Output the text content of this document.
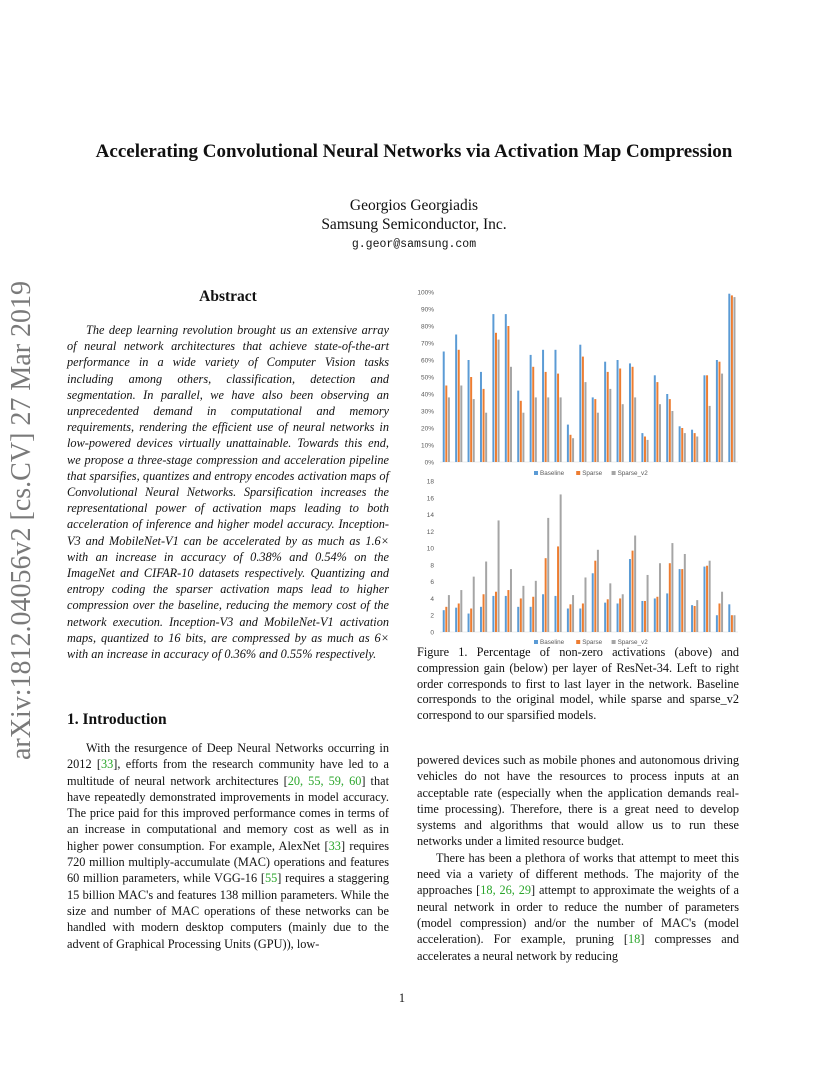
Accelerating Convolutional Neural Networks via Activation Map Compression
Georgios Georgiadis
Samsung Semiconductor, Inc.
g.geor@samsung.com
arXiv:1812.04056v2 [cs.CV] 27 Mar 2019	Abstract

The deep learning revolution brought us an extensive array of neural network architectures that achieve state-of-the-art performance in a wide variety of Computer Vision tasks including among others, classification, detection and segmentation. In parallel, we have also been observing an unprecedented demand in computational and memory requirements, rendering the efficient use of neural networks in low-powered devices virtually unattainable. Towards this end, we propose a three-stage compression and acceleration pipeline that sparsifies, quantizes and entropy encodes activation maps of Convolutional Neural Networks. Sparsification increases the representational power of activation maps leading to both acceleration of inference and higher model accuracy. Inception-V3 and MobileNet-V1 can be accelerated by as much as 1.6× with an increase in accuracy of 0.38% and 0.54% on the ImageNet and CIFAR-10 datasets respectively. Quantizing and entropy coding the sparser activation maps lead to higher compression over the baseline, reducing the memory cost of the network execution. Inception-V3 and MobileNet-V1 activation maps, quantized to 16 bits, are compressed by as much as 6× with an increase in accuracy of 0.36% and 0.55% respectively.

1. Introduction

With the resurgence of Deep Neural Networks occurring in 2012 [33], efforts from the research community have led to a multitude of neural network architectures [20, 55, 59, 60] that have repeatedly demonstrated improvements in model accuracy. The price paid for this improved performance comes in terms of an increase in computational and memory cost as well as in higher power consumption. For example, AlexNet [33] requires 720 million multiply-accumulate (MAC) operations and features 60 million parameters, while VGG-16 [55] requires a staggering 15 billion MAC's and features 138 million parameters. While the size and number of MAC operations of these networks can be handled with modern desktop computers (mainly due to the advent of Graphical Processing Units (GPU)), low-

0%
10%
20%
30%
40%
50%
60%
70%
80%
90%
100%
Baseline	Sparse Sparse_v2
0
2
4
6
8
10
12
14
16
18
Baseline	Sparse Sparse_v2
Figure 1. Percentage of non-zero activations (above) and compression gain (below) per layer of ResNet-34. Left to right order corresponds to first to last layer in the network. Baseline corresponds to the original model, while sparse and sparse_v2 correspond to our sparsified models.

powered devices such as mobile phones and autonomous driving vehicles do not have the resources to process inputs at an acceptable rate (especially when the application demands real-time processing). Therefore, there is a great need to develop systems and algorithms that would allow us to run these networks under a limited resource budget.

There has been a plethora of works that attempt to meet this need via a variety of different methods. The majority of the approaches [18, 26, 29] attempt to approximate the weights of a neural network in order to reduce the number of parameters (model compression) and/or the number of MAC's (model acceleration). For example, pruning [18] compresses and accelerates a neural network by reducing

1
